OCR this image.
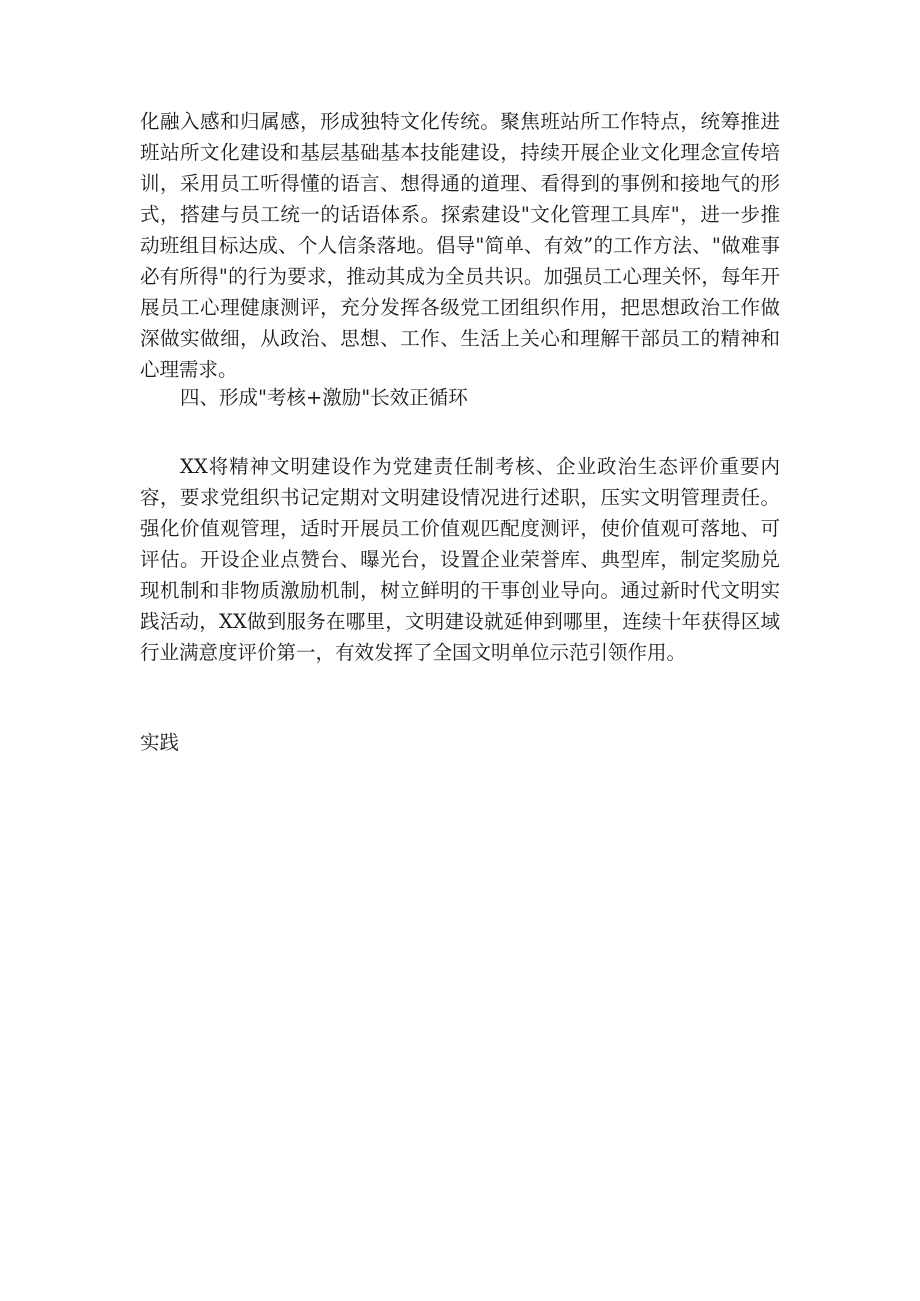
化融入感和归属感，形成独特文化传统。聚焦班站所工作特点，统筹推进班站所文化建设和基层基础基本技能建设，持续开展企业文化理念宣传培训，采用员工听得懂的语言、想得通的道理、看得到的事例和接地气的形式，搭建与员工统一的话语体系。探索建设"文化管理工具库"，进一步推动班组目标达成、个人信条落地。倡导"简单、有效”的工作方法、"做难事必有所得"的行为要求，推动其成为全员共识。加强员工心理关怀，每年开展员工心理健康测评，充分发挥各级党工团组织作用，把思想政治工作做深做实做细，从政治、思想、工作、生活上关心和理解干部员工的精神和心理需求。

四、形成"考核+激励"长效正循环

XX将精神文明建设作为党建责任制考核、企业政治生态评价重要内容，要求党组织书记定期对文明建设情况进行述职，压实文明管理责任。强化价值观管理，适时开展员工价值观匹配度测评，使价值观可落地、可评估。开设企业点赞台、曝光台，设置企业荣誉库、典型库，制定奖励兑现机制和非物质激励机制，树立鲜明的干事创业导向。通过新时代文明实践活动，XX做到服务在哪里，文明建设就延伸到哪里，连续十年获得区域行业满意度评价第一，有效发挥了全国文明单位示范引领作用。

实践
